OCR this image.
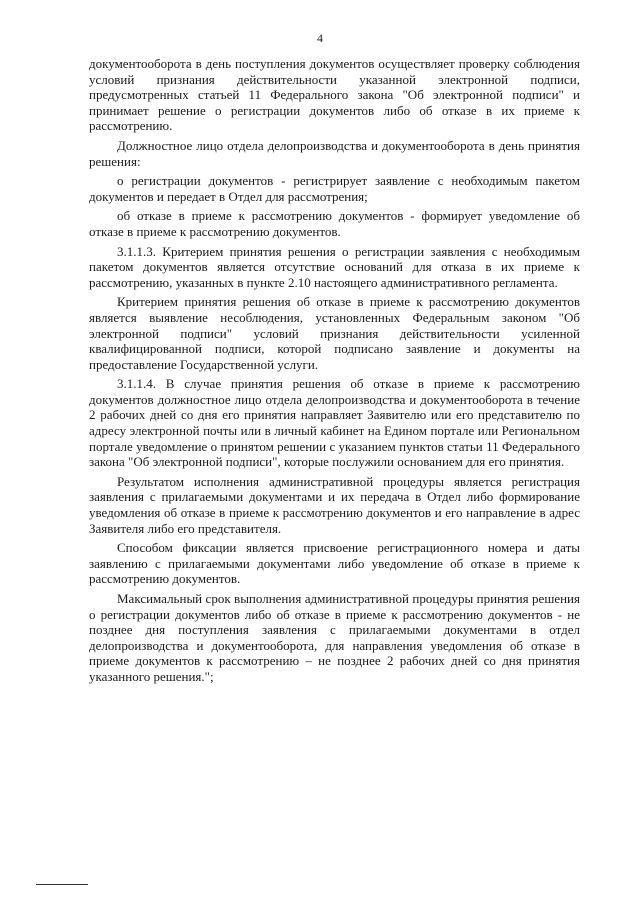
4

документооборота в день поступления документов осуществляет проверку соблюдения условий признания действительности указанной электронной подписи, предусмотренных статьей 11 Федерального закона "Об электронной подписи" и принимает решение о регистрации документов либо об отказе в их приеме к рассмотрению.

Должностное лицо отдела делопроизводства и документооборота в день принятия решения:

о регистрации документов - регистрирует заявление с необходимым пакетом документов и передает в Отдел для рассмотрения;

об отказе в приеме к рассмотрению документов - формирует уведомление об отказе в приеме к рассмотрению документов.

3.1.1.3. Критерием принятия решения о регистрации заявления с необходимым пакетом документов является отсутствие оснований для отказа в их приеме к рассмотрению, указанных в пункте 2.10 настоящего административного регламента.

Критерием принятия решения об отказе в приеме к рассмотрению документов является выявление несоблюдения, установленных Федеральным законом "Об электронной подписи" условий признания действительности усиленной квалифицированной подписи, которой подписано заявление и документы на предоставление Государственной услуги.

3.1.1.4. В случае принятия решения об отказе в приеме к рассмотрению документов должностное лицо отдела делопроизводства и документооборота в течение 2 рабочих дней со дня его принятия направляет Заявителю или его представителю по адресу электронной почты или в личный кабинет на Едином портале или Региональном портале уведомление о принятом решении с указанием пунктов статьи 11 Федерального закона "Об электронной подписи", которые послужили основанием для его принятия.

Результатом исполнения административной процедуры является регистрация заявления с прилагаемыми документами и их передача в Отдел либо формирование уведомления об отказе в приеме к рассмотрению документов и его направление в адрес Заявителя либо его представителя.

Способом фиксации является присвоение регистрационного номера и даты заявлению с прилагаемыми документами либо уведомление об отказе в приеме к рассмотрению документов.

Максимальный срок выполнения административной процедуры принятия решения о регистрации документов либо об отказе в приеме к рассмотрению документов - не позднее дня поступления заявления с прилагаемыми документами в отдел делопроизводства и документооборота, для направления уведомления об отказе в приеме документов к рассмотрению – не позднее 2 рабочих дней со дня принятия указанного решения.";
